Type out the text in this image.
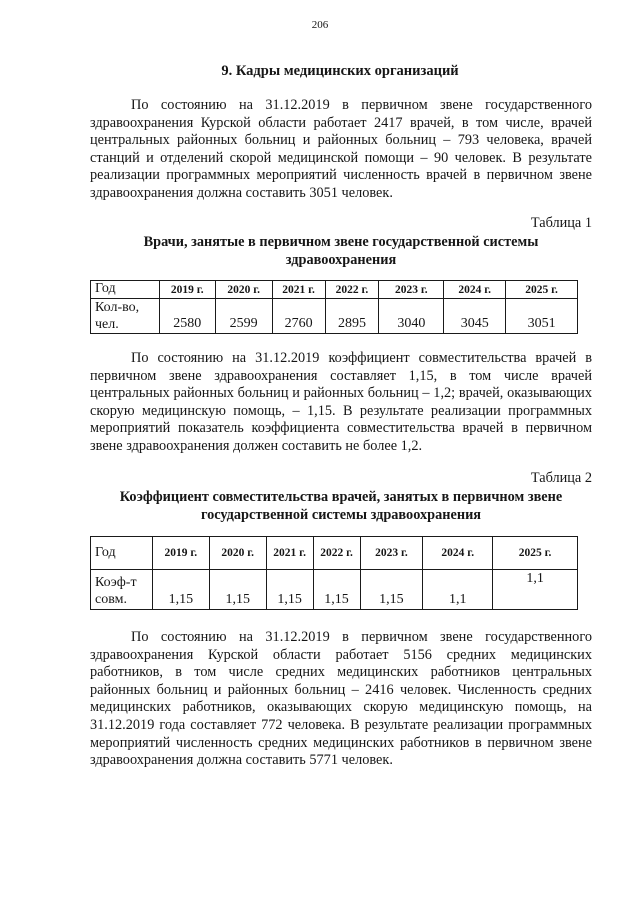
206
9. Кадры медицинских организаций

По состоянию на 31.12.2019 в первичном звене государственного здравоохранения Курской области работает 2417 врачей, в том числе, врачей центральных районных больниц и районных больниц – 793 человека, врачей станций и отделений скорой медицинской помощи – 90 человек. В результате реализации программных мероприятий численность врачей в первичном звене здравоохранения должна составить 3051 человек.

Таблица 1
Врачи, занятые в первичном звене государственной системы здравоохранения
Год	2019 г.	2020 г.	2021 г.	2022 г.	2023 г.	2024 г.	2025 г.
Кол-во,
чел.	2580	2599	2760	2895	3040	3045	3051

По состоянию на 31.12.2019 коэффициент совместительства врачей в первичном звене здравоохранения составляет 1,15, в том числе врачей центральных районных больниц и районных больниц – 1,2; врачей, оказывающих скорую медицинскую помощь, – 1,15. В результате реализации программных мероприятий показатель коэффициента совместительства врачей в первичном звене здравоохранения должен составить не более 1,2.

Таблица 2
Коэффициент совместительства врачей, занятых в первичном звене государственной системы здравоохранения
Год	2019 г.	2020 г.	2021 г.	2022 г.	2023 г.	2024 г.	2025 г.
Коэф-т
совм.	1,15	1,15	1,15	1,15	1,15	1,1	1,1

По состоянию на 31.12.2019 в первичном звене государственного здравоохранения Курской области работает 5156 средних медицинских работников, в том числе средних медицинских работников центральных районных больниц и районных больниц – 2416 человек. Численность средних медицинских работников, оказывающих скорую медицинскую помощь, на 31.12.2019 года составляет 772 человека. В результате реализации программных мероприятий численность средних медицинских работников в первичном звене здравоохранения должна составить 5771 человек.
